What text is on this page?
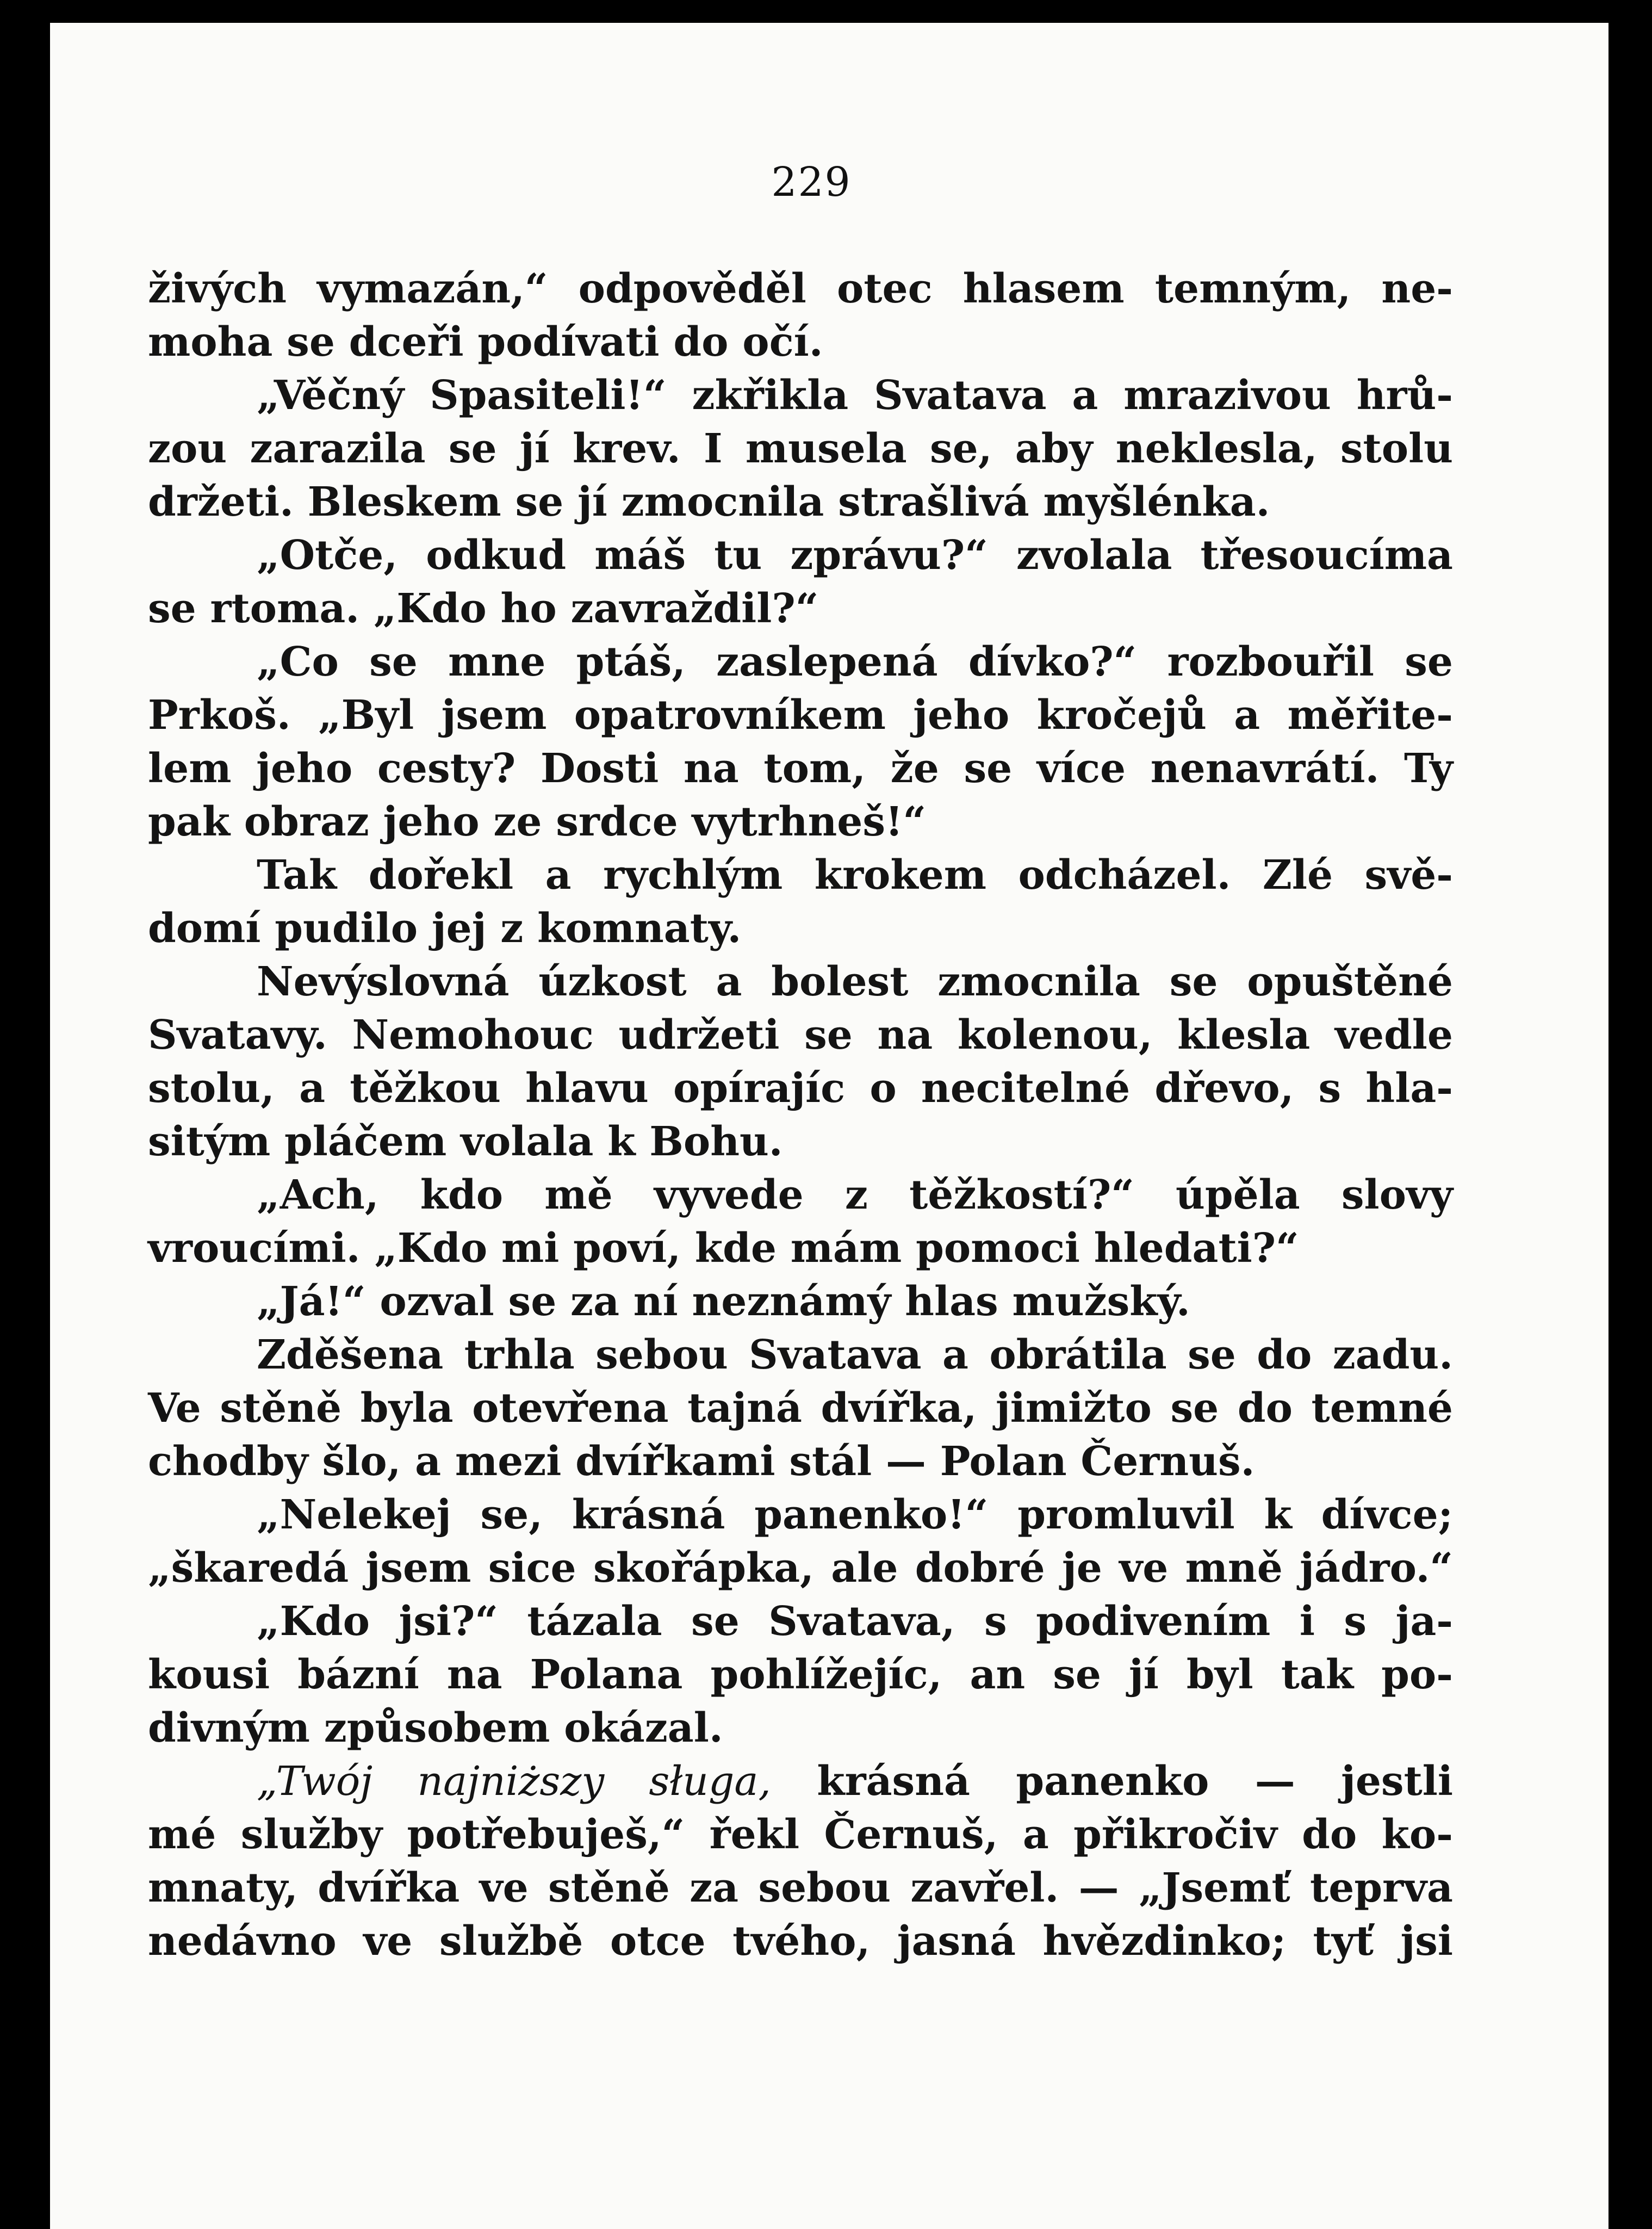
229
živých vymazán,“ odpověděl otec hlasem temným, ne-
moha se dceři podívati do očí.
„Věčný Spasiteli!“ zkřikla Svatava a mrazivou hrů-
zou zarazila se jí krev. I musela se, aby neklesla, stolu
držeti. Bleskem se jí zmocnila strašlivá myšlénka.
„Otče, odkud máš tu zprávu?“ zvolala třesoucíma
se rtoma. „Kdo ho zavraždil?“
„Co se mne ptáš, zaslepená dívko?“ rozbouřil se
Prkoš. „Byl jsem opatrovníkem jeho kročejů a měřite-
lem jeho cesty? Dosti na tom, že se více nenavrátí. Ty
pak obraz jeho ze srdce vytrhneš!“
Tak dořekl a rychlým krokem odcházel. Zlé svě-
domí pudilo jej z komnaty.
Nevýslovná úzkost a bolest zmocnila se opuštěné
Svatavy. Nemohouc udržeti se na kolenou, klesla vedle
stolu, a těžkou hlavu opírajíc o necitelné dřevo, s hla-
sitým pláčem volala k Bohu.
„Ach, kdo mě vyvede z těžkostí?“ úpěla slovy
vroucími. „Kdo mi poví, kde mám pomoci hledati?“
„Já!“ ozval se za ní neznámý hlas mužský.
Zděšena trhla sebou Svatava a obrátila se do zadu.
Ve stěně byla otevřena tajná dvířka, jimižto se do temné
chodby šlo, a mezi dvířkami stál — Polan Černuš.
„Nelekej se, krásná panenko!“ promluvil k dívce;
„škaredá jsem sice skořápka, ale dobré je ve mně jádro.“
„Kdo jsi?“ tázala se Svatava, s podivením i s ja-
kousi bázní na Polana pohlížejíc, an se jí byl tak po-
divným způsobem okázal.
„Twój najniższy sługa, krásná panenko — jestli
mé služby potřebuješ,“ řekl Černuš, a přikročiv do ko-
mnaty, dvířka ve stěně za sebou zavřel. — „Jsemť teprva
nedávno ve službě otce tvého, jasná hvězdinko; tyť jsi
